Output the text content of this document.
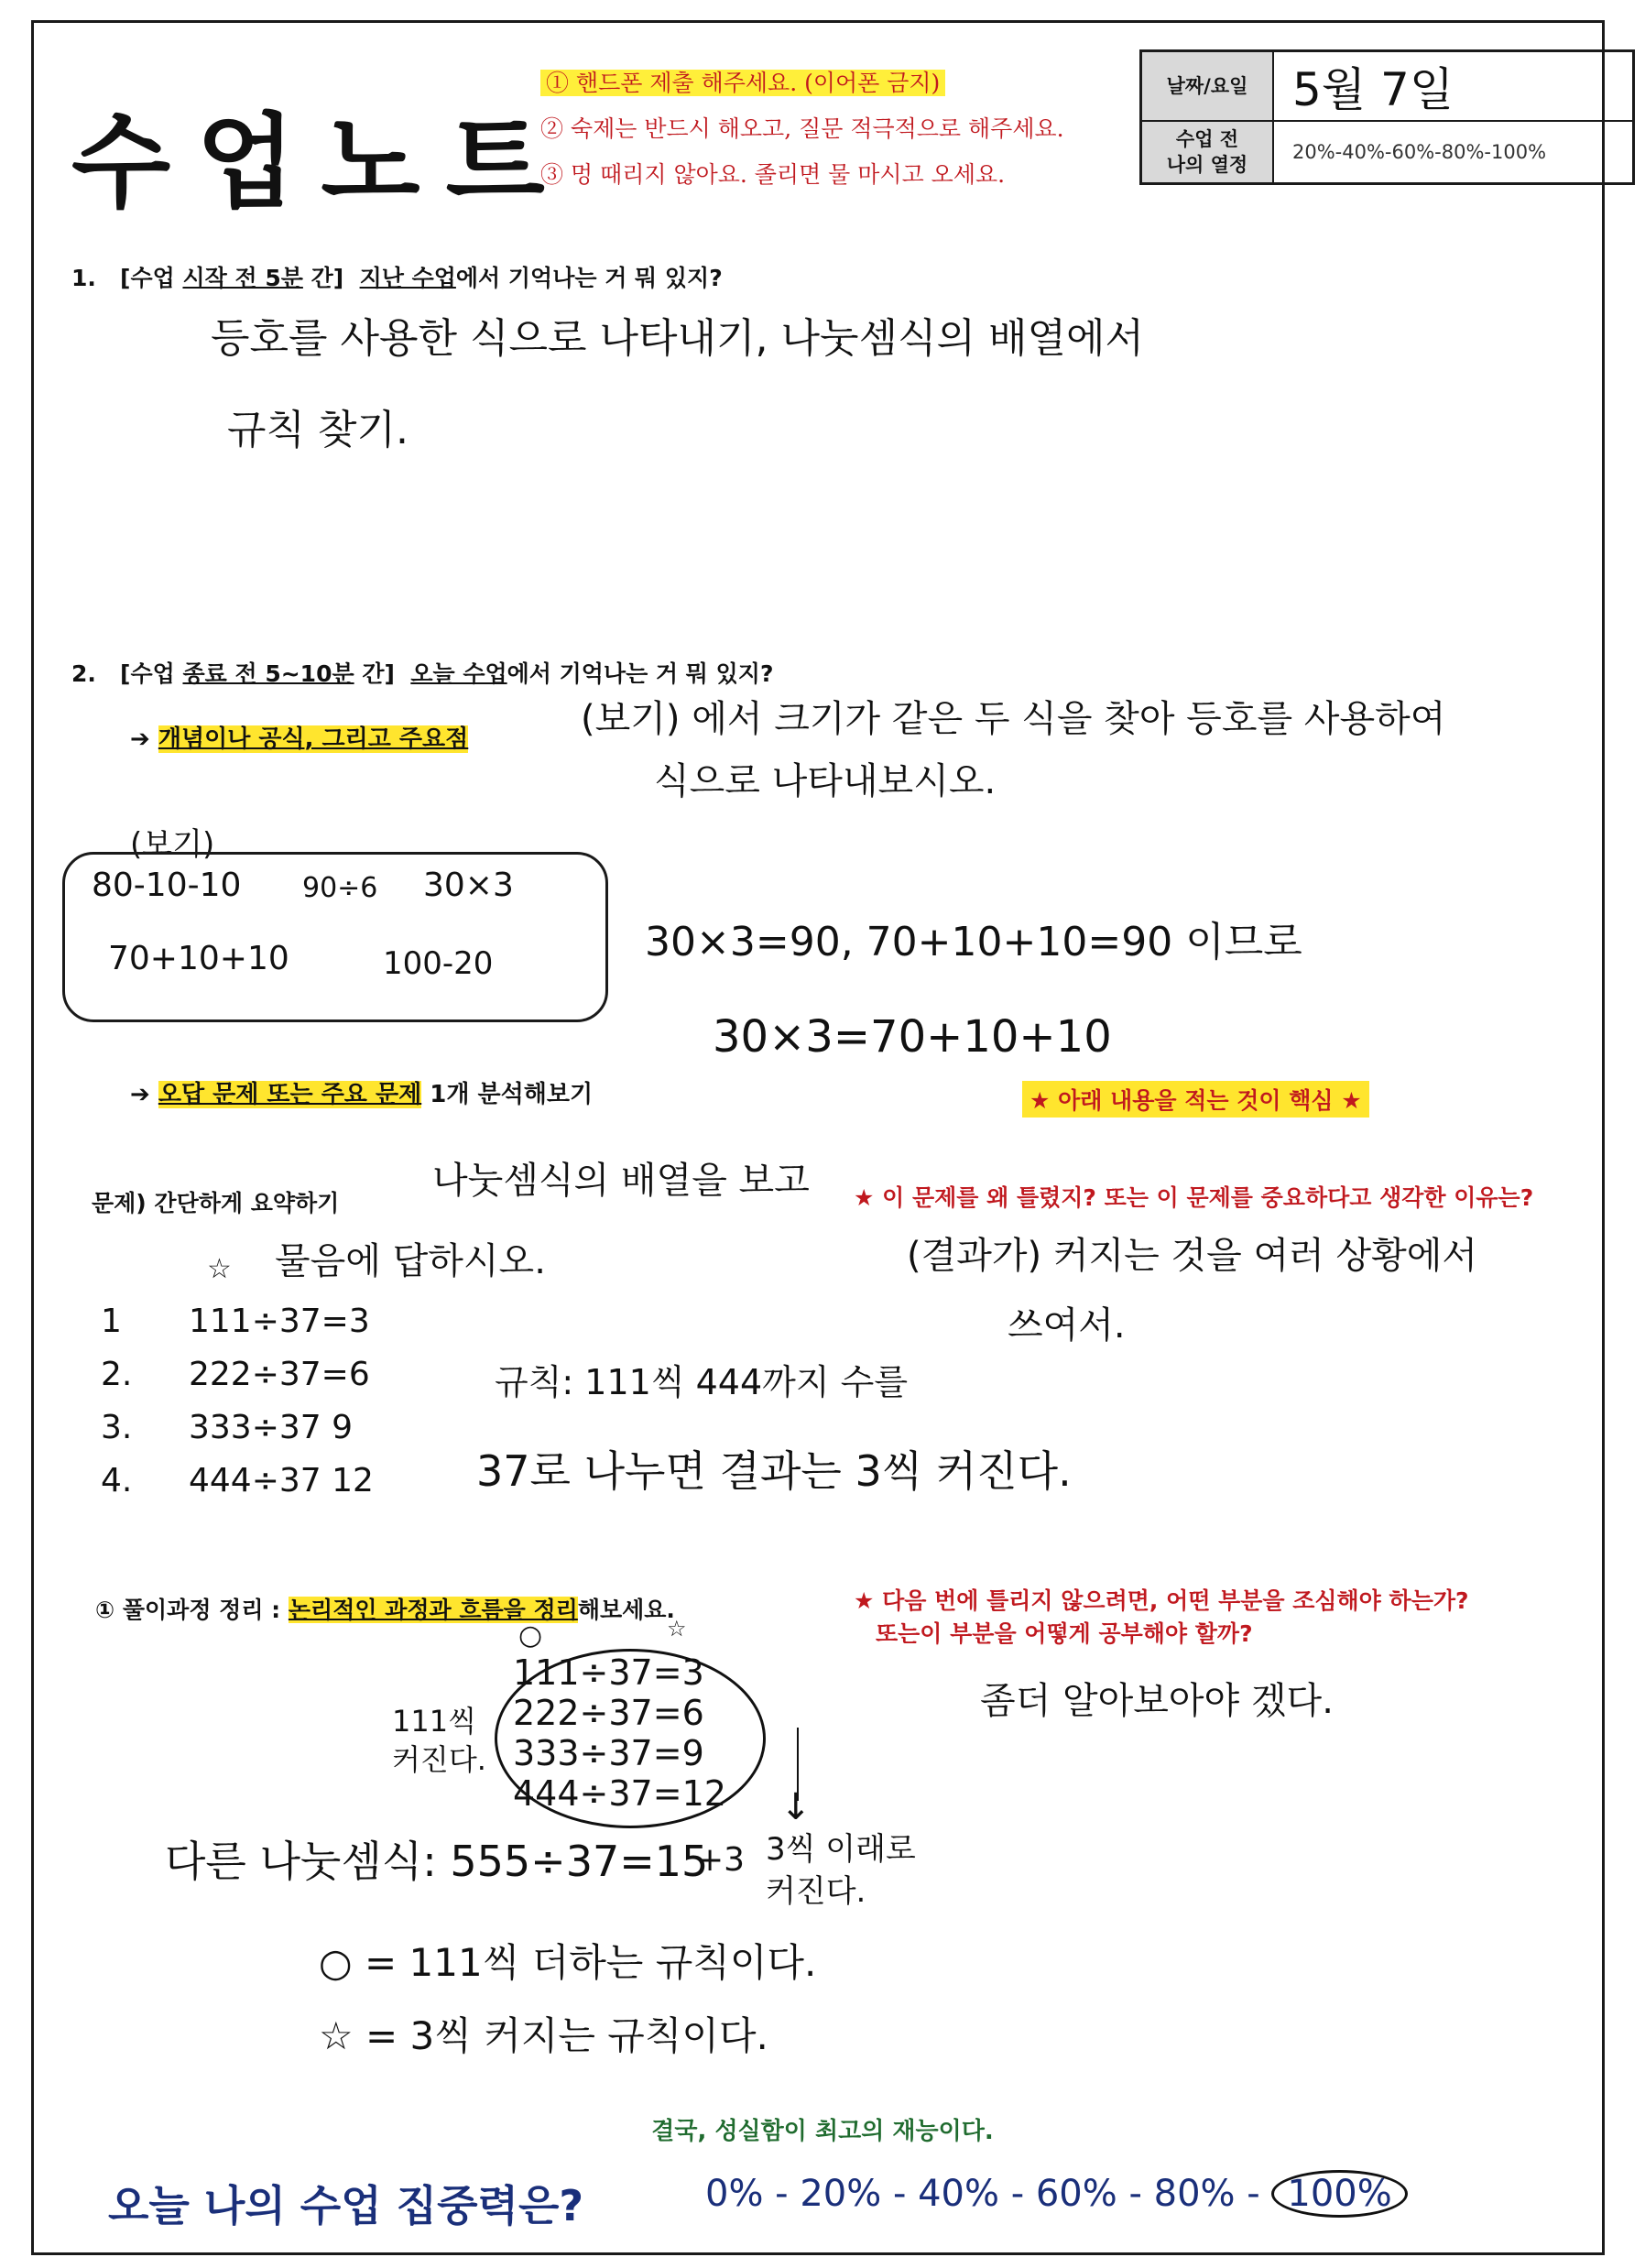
수업노트
① 핸드폰 제출 해주세요. (이어폰 금지)
② 숙제는 반드시 해오고, 질문 적극적으로 해주세요.
③ 멍 때리지 않아요. 졸리면 물 마시고 오세요.
날짜/요일	5월 7일

수업 전
나의 열정	20%-40%-60%-80%-100%
1. [수업 시작 전 5분 간] 지난 수업에서 기억나는 거 뭐 있지?
등호를 사용한 식으로 나타내기, 나눗셈식의 배열에서
규칙 찾기.
2. [수업 종료 전 5~10분 간] 오늘 수업에서 기억나는 거 뭐 있지?
➔ 개념이나 공식, 그리고 주요점	(보기) 에서 크기가 같은 두 식을 찾아 등호를 사용하여
식으로 나타내보시오.
(보기)
80-10-10 90÷6 30×3
70+10+10	100-20	30×3=90, 70+10+10=90 이므로
30×3=70+10+10
➔ 오답 문제 또는 주요 문제 1개 분석해보기	★ 아래 내용을 적는 것이 핵심 ★
문제) 간단하게 요약하기
나눗셈식의 배열을 보고
☆ 물음에 답하시오.
1 111÷37=3
2. 222÷37=6
3. 333÷37 9
4. 444÷37 12
규칙: 111씩 444까지 수를
37로 나누면 결과는 3씩 커진다.
★ 이 문제를 왜 틀렸지? 또는 이 문제를 중요하다고 생각한 이유는?
(결과가) 커지는 것을 여러 상황에서
쓰여서.
① 풀이과정 정리 : 논리적인 과정과 흐름을 정리해보세요.
○	☆
111÷37=3
222÷37=6
333÷37=9
444÷37=12
111씩
커진다.
↓
다른 나눗셈식: 555÷37=15
+3 3씩 이래로
커진다.
○ = 111씩 더하는 규칙이다.
☆ = 3씩 커지는 규칙이다.
★ 다음 번에 틀리지 않으려면, 어떤 부분을 조심해야 하는가?
또는이 부분을 어떻게 공부해야 할까?
좀더 알아보아야 겠다.
결국, 성실함이 최고의 재능이다.
오늘 나의 수업 집중력은?	0% - 20% - 40% - 60% - 80% - 100%
